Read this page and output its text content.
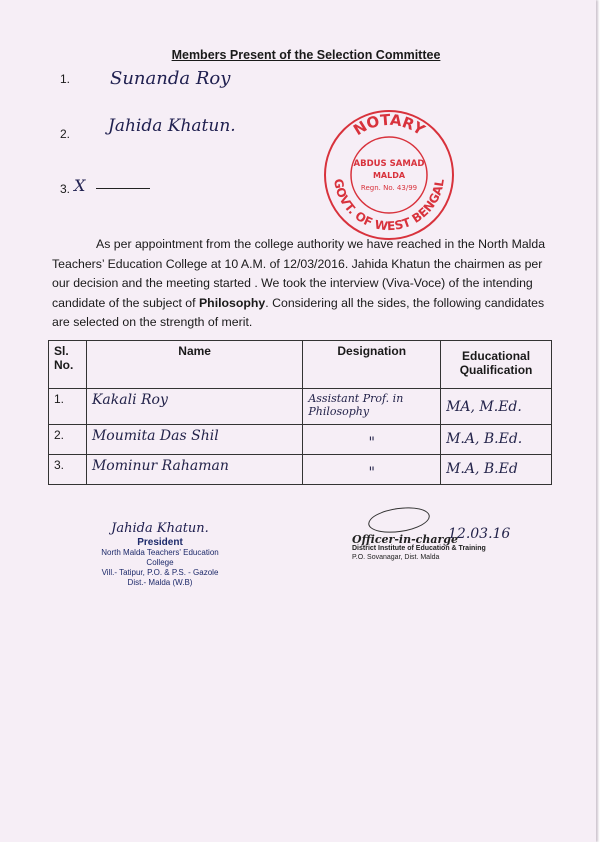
Members Present of the Selection Committee
1. Sunanda Roy
2. Jahida Khatun.
3. X
NOTARY
GOVT. OF WEST BENGAL
ABDUS SAMAD
MALDA
Regn. No. 43/99
As per appointment from the college authority we have reached in the North Malda Teachers’ Education College at 10 A.M. of 12/03/2016. Jahida Khatun the chairmen as per our decision and the meeting started . We took the interview (Viva-Voce) of the intending candidate of the subject of Philosophy. Considering all the sides, the following candidates are selected on the strength of merit.
Sl. No.	Name	Designation	Educational Qualification
1.	Kakali Roy	Assistant Prof. in Philosophy	MA, M.Ed.
2.	Moumita Das Shil	"	M.A, B.Ed.
3.	Mominur Rahaman	"	M.A, B.Ed
Jahida Khatun.
President
North Malda Teachers' Education College
Vill.- Tatipur, P.O. & P.S. - Gazole
Dist.- Malda (W.B)
12.03.16
Officer-in-charge
District Institute of Education & Training
P.O. Sovanagar, Dist. Malda
